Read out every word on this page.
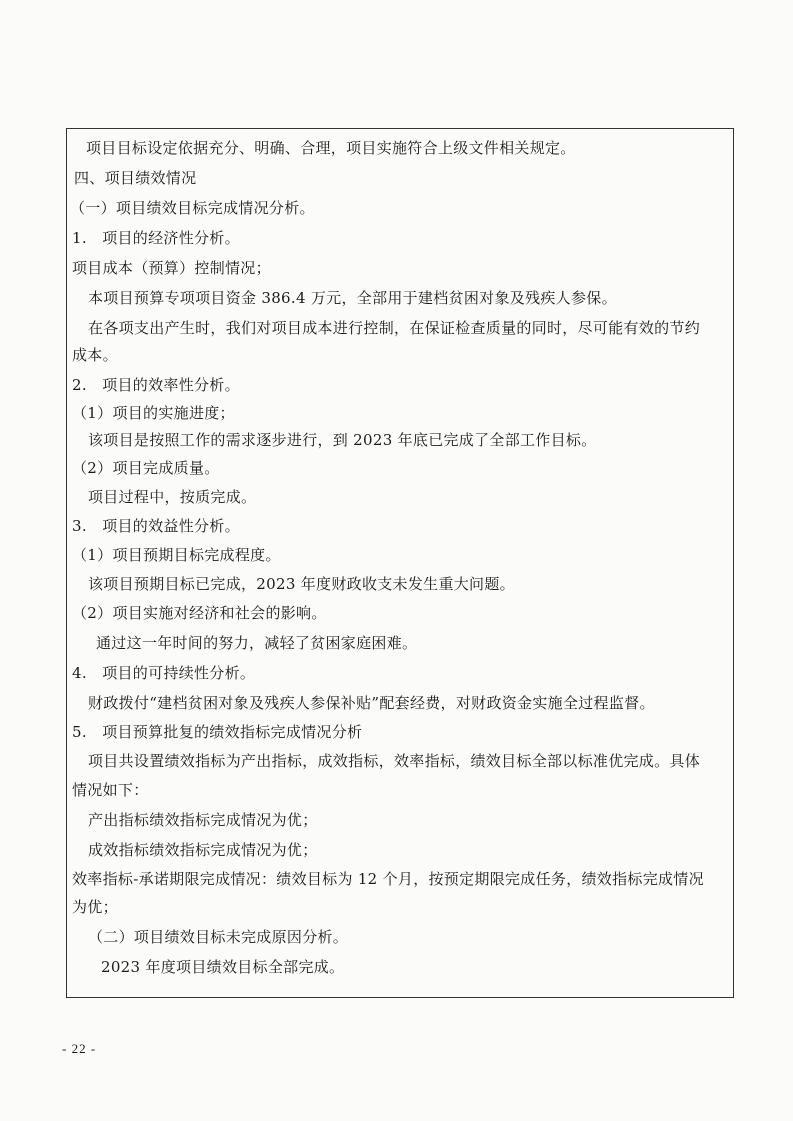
项目目标设定依据充分、明确、合理，项目实施符合上级文件相关规定。
四、项目绩效情况
（一）项目绩效目标完成情况分析。
1.　项目的经济性分析。
项目成本（预算）控制情况；
本项目预算专项项目资金 386.4 万元，全部用于建档贫困对象及残疾人参保。
在各项支出产生时，我们对项目成本进行控制，在保证检查质量的同时，尽可能有效的节约
成本。
2.　项目的效率性分析。
（1）项目的实施进度；
该项目是按照工作的需求逐步进行，到 2023 年底已完成了全部工作目标。
（2）项目完成质量。
项目过程中，按质完成。
3.　项目的效益性分析。
（1）项目预期目标完成程度。
该项目预期目标已完成，2023 年度财政收支未发生重大问题。
（2）项目实施对经济和社会的影响。
通过这一年时间的努力，减轻了贫困家庭困难。
4.　项目的可持续性分析。
财政拨付“建档贫困对象及残疾人参保补贴”配套经费，对财政资金实施全过程监督。
5.　项目预算批复的绩效指标完成情况分析
项目共设置绩效指标为产出指标，成效指标，效率指标，绩效目标全部以标准优完成。具体
情况如下：
产出指标绩效指标完成情况为优；
成效指标绩效指标完成情况为优；
效率指标-承诺期限完成情况：绩效目标为 12 个月，按预定期限完成任务，绩效指标完成情况
为优；
（二）项目绩效目标未完成原因分析。
2023 年度项目绩效目标全部完成。
- 22 -
